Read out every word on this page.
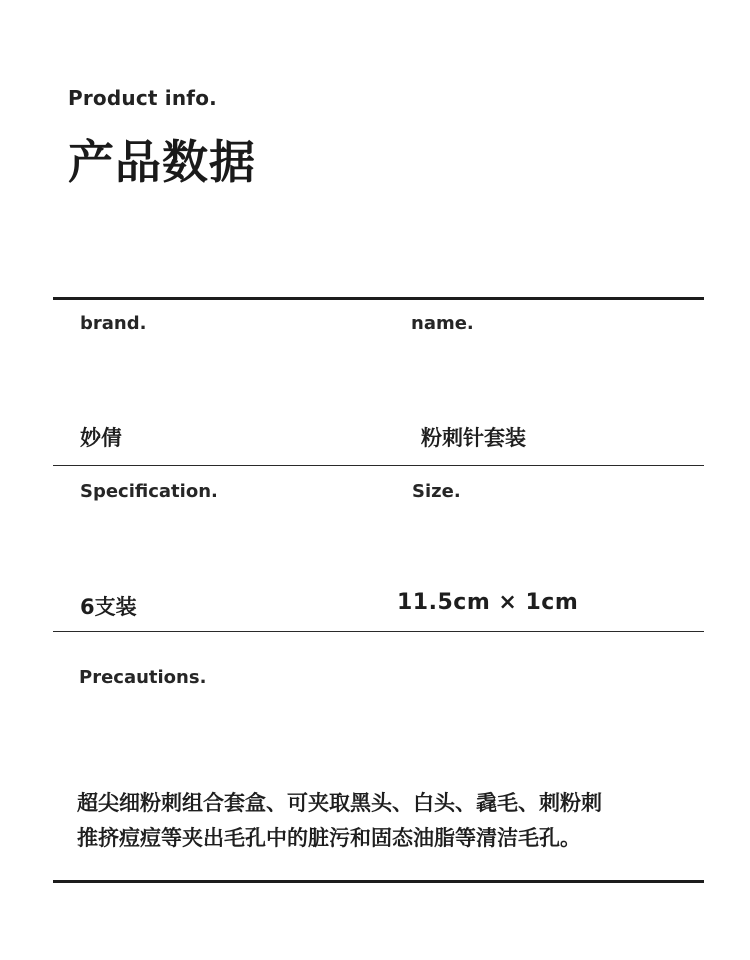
Product info.
产品数据
brand.	name.
妙倩	粉刺针套装
Specification.	Size.
6支装	11.5cm × 1cm
Precautions.
超尖细粉刺组合套盒、可夹取黑头、白头、毳毛、刺粉刺
推挤痘痘等夹出毛孔中的脏污和固态油脂等清洁毛孔。
